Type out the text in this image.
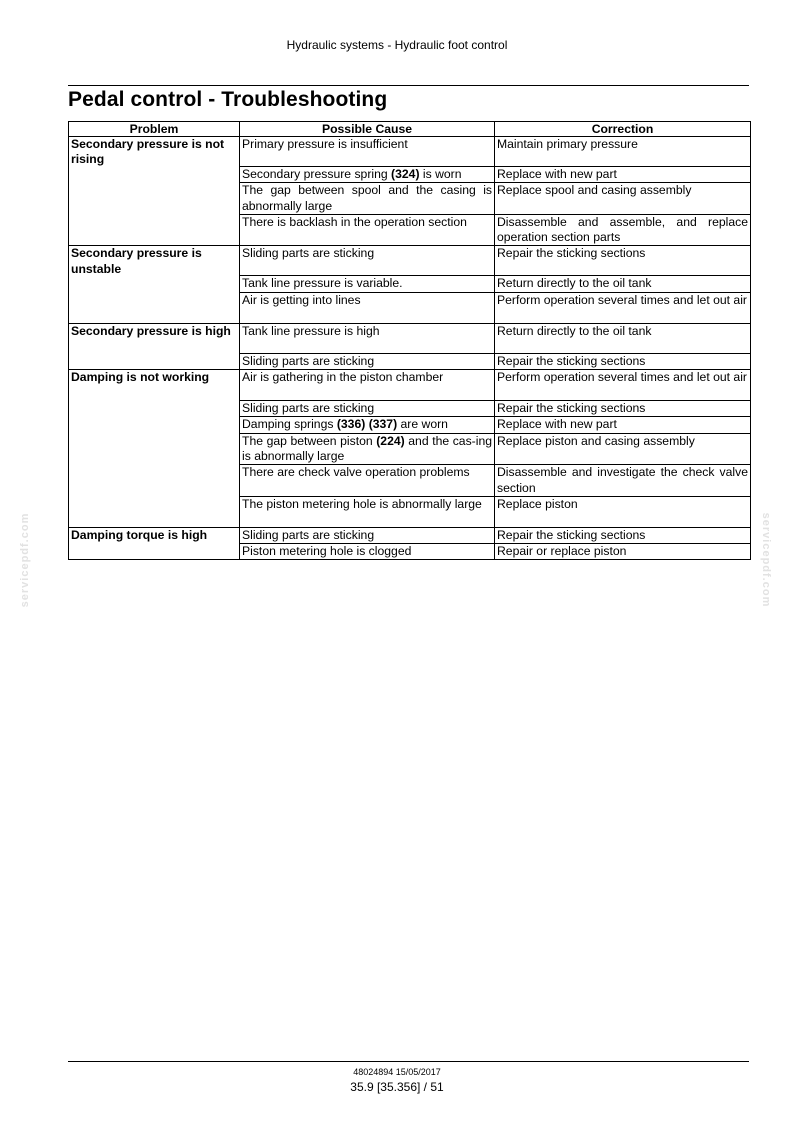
Hydraulic systems - Hydraulic foot control
Pedal control - Troubleshooting
Problem	Possible Cause	Correction
Secondary pressure is not rising	Primary pressure is insufficient	Maintain primary pressure
	Secondary pressure spring (324) is worn	Replace with new part
	The gap between spool and the casing is abnormally large	Replace spool and casing assembly
	There is backlash in the operation section	Disassemble and assemble, and replace operation section parts
Secondary pressure is unstable	Sliding parts are sticking	Repair the sticking sections
	Tank line pressure is variable.	Return directly to the oil tank
	Air is getting into lines	Perform operation several times and let out air
Secondary pressure is high	Tank line pressure is high	Return directly to the oil tank
	Sliding parts are sticking	Repair the sticking sections
Damping is not working	Air is gathering in the piston chamber	Perform operation several times and let out air
	Sliding parts are sticking	Repair the sticking sections
	Damping springs (336) (337) are worn	Replace with new part
	The gap between piston (224) and the cas-ing is abnormally large	Replace piston and casing assembly
	There are check valve operation problems	Disassemble and investigate the check valve section
	The piston metering hole is abnormally large	Replace piston
Damping torque is high	Sliding parts are sticking	Repair the sticking sections
	Piston metering hole is clogged	Repair or replace piston
servicepdf.com	servicepdf.com
48024894 15/05/2017
35.9 [35.356] / 51
